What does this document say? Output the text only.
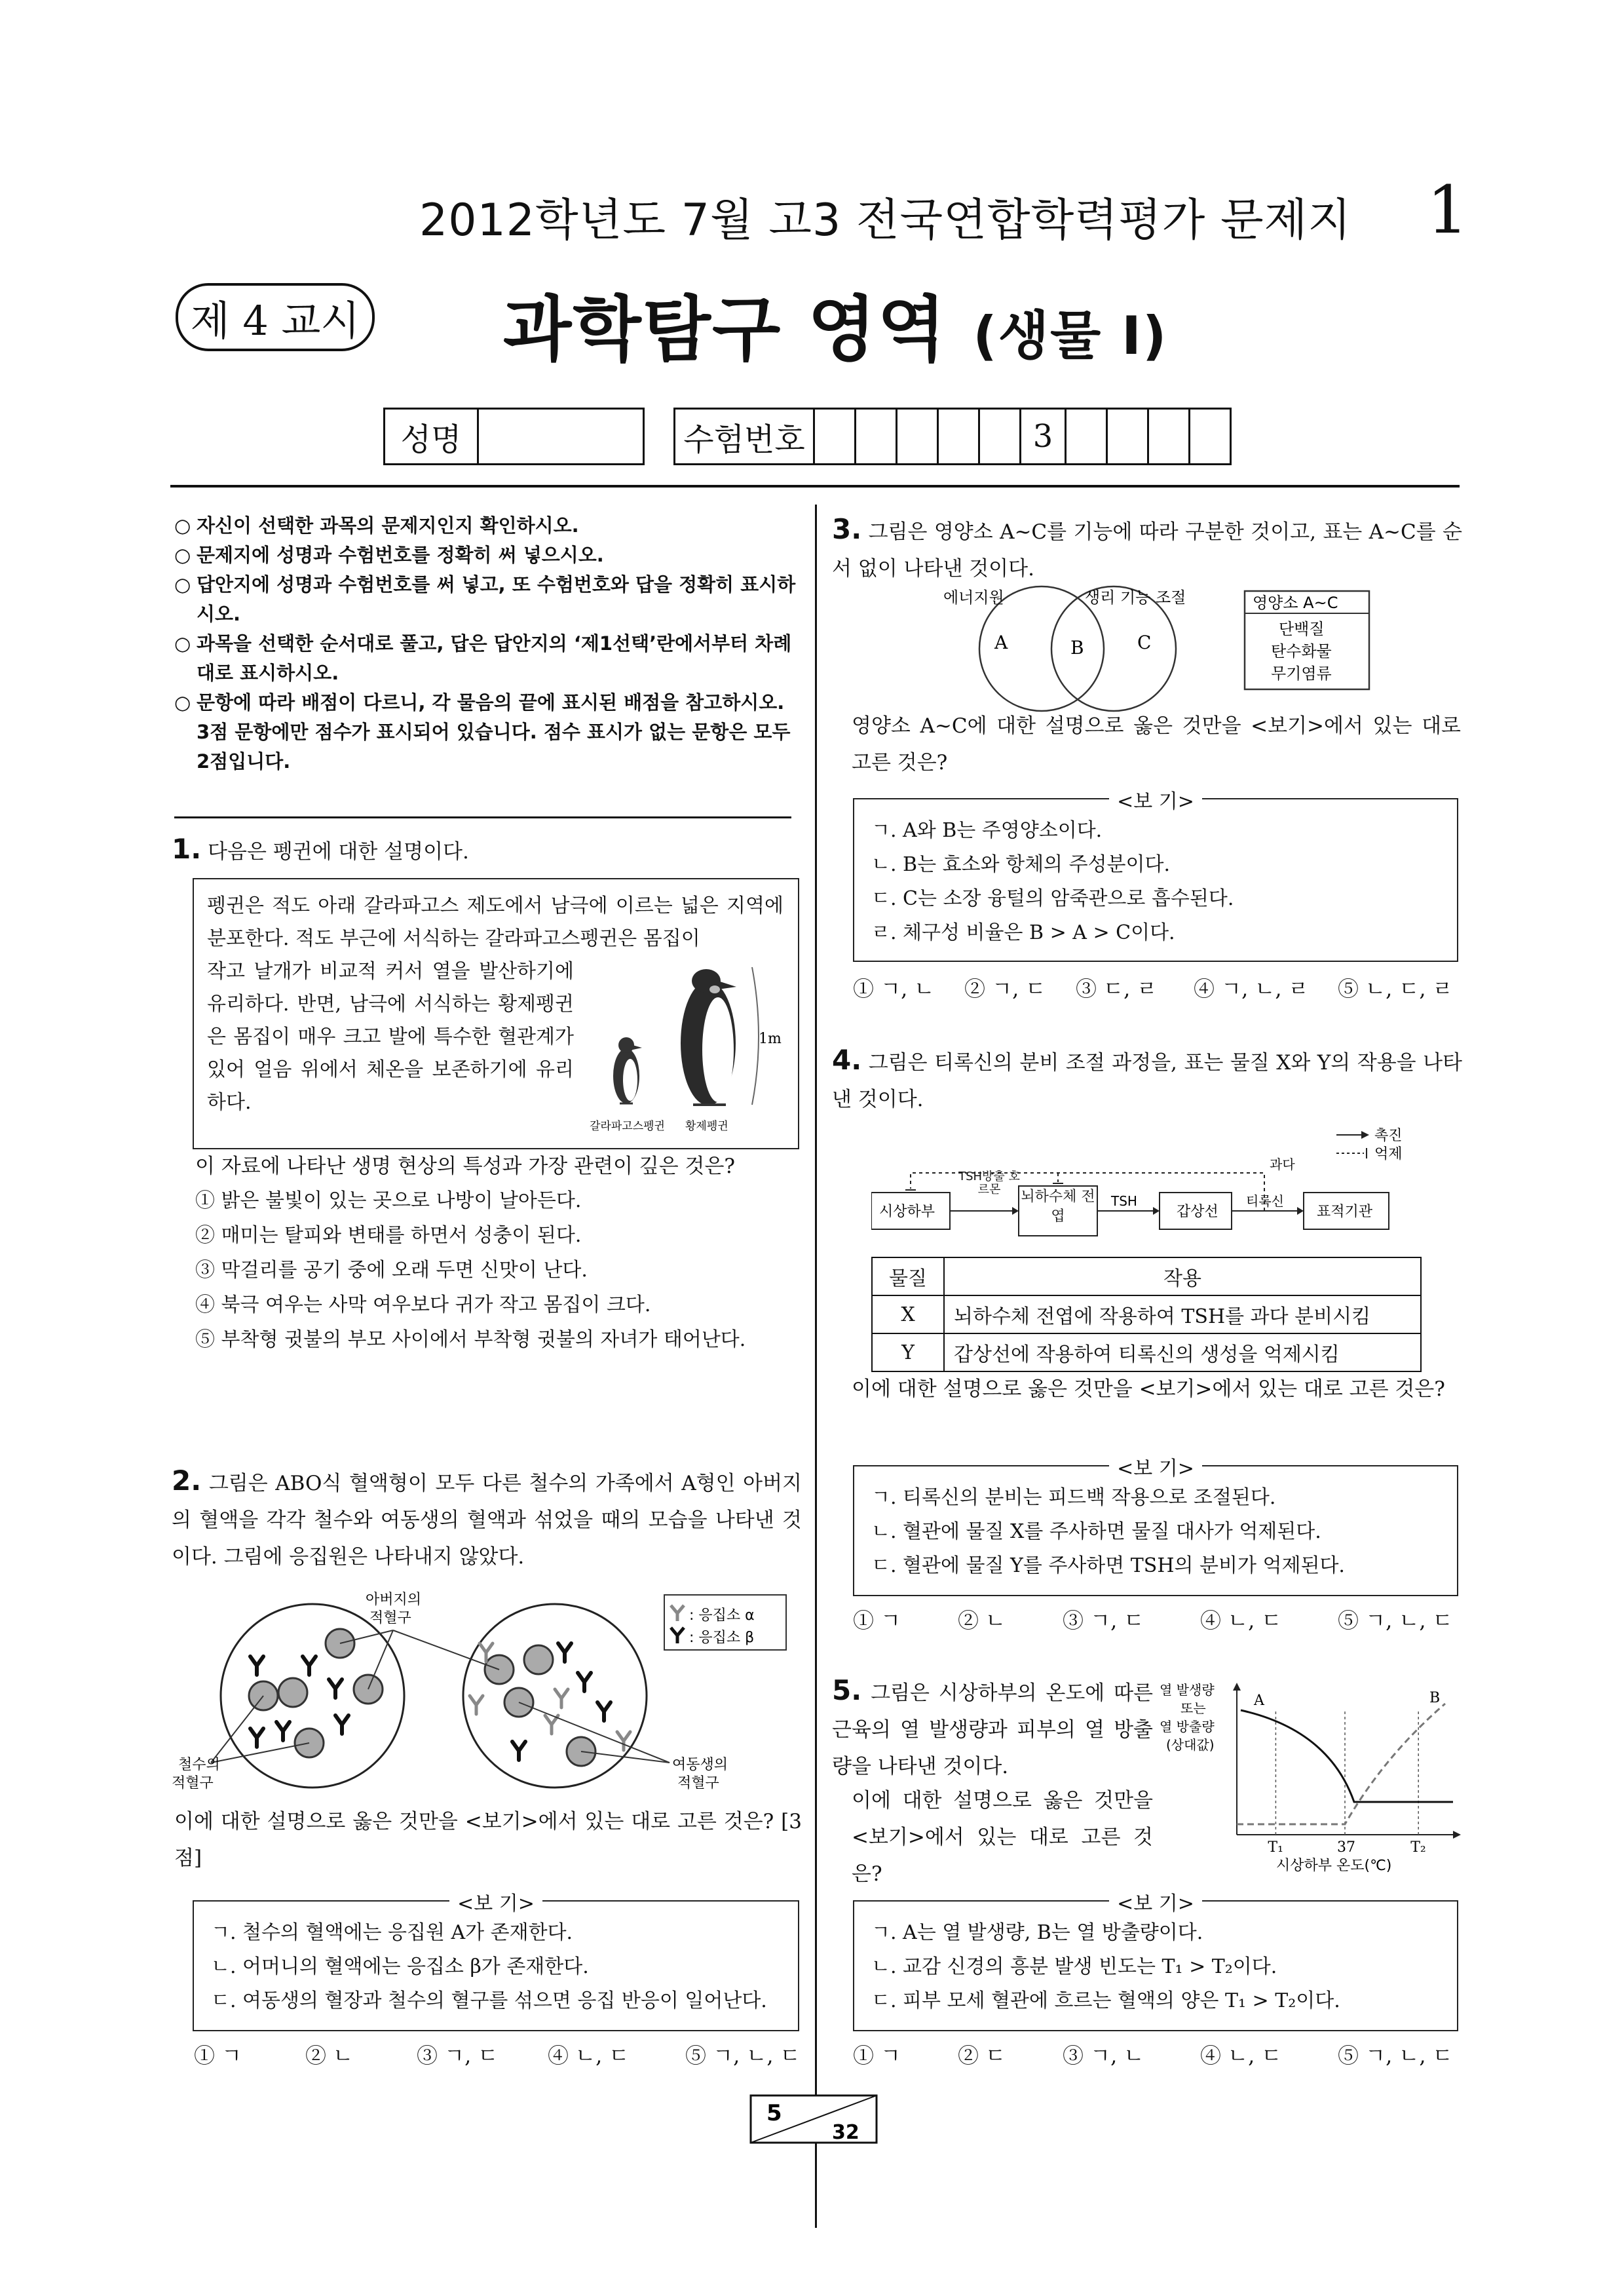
2012학년도 7월 고3 전국연합학력평가 문제지 1
제 4 교시 과학탐구 영역 (생물 Ⅰ)
성명		수험번호						3				
○ 자신이 선택한 과목의 문제지인지 확인하시오.
○ 문제지에 성명과 수험번호를 정확히 써 넣으시오.
○ 답안지에 성명과 수험번호를 써 넣고, 또 수험번호와 답을 정확히 표시하시오.
○ 과목을 선택한 순서대로 풀고, 답은 답안지의 ‘제1선택’란에서부터 차례대로 표시하시오.
○ 문항에 따라 배점이 다르니, 각 물음의 끝에 표시된 배점을 참고하시오. 3점 문항에만 점수가 표시되어 있습니다. 점수 표시가 없는 문항은 모두 2점입니다.
1. 다음은 펭귄에 대한 설명이다.
펭귄은 적도 아래 갈라파고스 제도에서 남극에 이르는 넓은 지역에 분포한다. 적도 부근에 서식하는 갈라파고스펭귄은 몸집이
작고 날개가 비교적 커서 열을 발산하기에 유리하다. 반면, 남극에 서식하는 황제펭귄은 몸집이 매우 크고 발에 특수한 혈관계가 있어 얼음 위에서 체온을 보존하기에 유리하다.
1m
갈라파고스펭귄 황제펭귄
이 자료에 나타난 생명 현상의 특성과 가장 관련이 깊은 것은?
① 밝은 불빛이 있는 곳으로 나방이 날아든다.
② 매미는 탈피와 변태를 하면서 성충이 된다.
③ 막걸리를 공기 중에 오래 두면 신맛이 난다.
④ 북극 여우는 사막 여우보다 귀가 작고 몸집이 크다.
⑤ 부착형 귓불의 부모 사이에서 부착형 귓불의 자녀가 태어난다.
2. 그림은 ABO식 혈액형이 모두 다른 철수의 가족에서 A형인 아버지의 혈액을 각각 철수와 여동생의 혈액과 섞었을 때의 모습을 나타낸 것이다. 그림에 응집원은 나타내지 않았다.
아버지의
적혈구
철수의
적혈구
여동생의
적혈구
: 응집소 α
: 응집소 β
이에 대한 설명으로 옳은 것만을 <보기>에서 있는 대로 고른 것은? [3점]
<보 기>
ㄱ. 철수의 혈액에는 응집원 A가 존재한다.
ㄴ. 어머니의 혈액에는 응집소 β가 존재한다.
ㄷ. 여동생의 혈장과 철수의 혈구를 섞으면 응집 반응이 일어난다.
① ㄱ	② ㄴ	③ ㄱ, ㄷ ④ ㄴ, ㄷ	⑤ ㄱ, ㄴ, ㄷ
3. 그림은 영양소 A~C를 기능에 따라 구분한 것이고, 표는 A~C를 순서 없이 나타낸 것이다.
에너지원	생리 기능 조절
A	B	C
영양소 A~C
단백질
탄수화물
무기염류
영양소 A~C에 대한 설명으로 옳은 것만을 <보기>에서 있는 대로 고른 것은?
<보 기>
ㄱ. A와 B는 주영양소이다.
ㄴ. B는 효소와 항체의 주성분이다.
ㄷ. C는 소장 융털의 암죽관으로 흡수된다.
ㄹ. 체구성 비율은 B > A > C이다.
① ㄱ, ㄴ ② ㄱ, ㄷ ③ ㄷ, ㄹ ④ ㄱ, ㄴ, ㄹ ⑤ ㄴ, ㄷ, ㄹ
4. 그림은 티록신의 분비 조절 과정을, 표는 물질 X와 Y의 작용을 나타낸 것이다.
촉진
억제
시상하부
뇌하수체 전엽	갑상선	표적기관
TSH방출 호르몬
TSH	티록신
과다
물질	작용
X	뇌하수체 전엽에 작용하여 TSH를 과다 분비시킴
Y	갑상선에 작용하여 티록신의 생성을 억제시킴
이에 대한 설명으로 옳은 것만을 <보기>에서 있는 대로 고른 것은?
<보 기>
ㄱ. 티록신의 분비는 피드백 작용으로 조절된다.
ㄴ. 혈관에 물질 X를 주사하면 물질 대사가 억제된다.
ㄷ. 혈관에 물질 Y를 주사하면 TSH의 분비가 억제된다.
① ㄱ	② ㄴ	③ ㄱ, ㄷ	④ ㄴ, ㄷ	⑤ ㄱ, ㄴ, ㄷ
5. 그림은 시상하부의 온도에 따른 근육의 열 발생량과 피부의 열 방출량을 나타낸 것이다.
이에 대한 설명으로 옳은 것만을 <보기>에서 있는 대로 고른 것은?
열 발생량
또는
열 방출량
(상대값)
T₁	37	T₂
시상하부 온도(℃)
A	B
<보 기>
ㄱ. A는 열 발생량, B는 열 방출량이다.
ㄴ. 교감 신경의 흥분 발생 빈도는 T₁ > T₂이다.
ㄷ. 피부 모세 혈관에 흐르는 혈액의 양은 T₁ > T₂이다.
① ㄱ	② ㄷ	③ ㄱ, ㄴ	④ ㄴ, ㄷ	⑤ ㄱ, ㄴ, ㄷ
5
32
